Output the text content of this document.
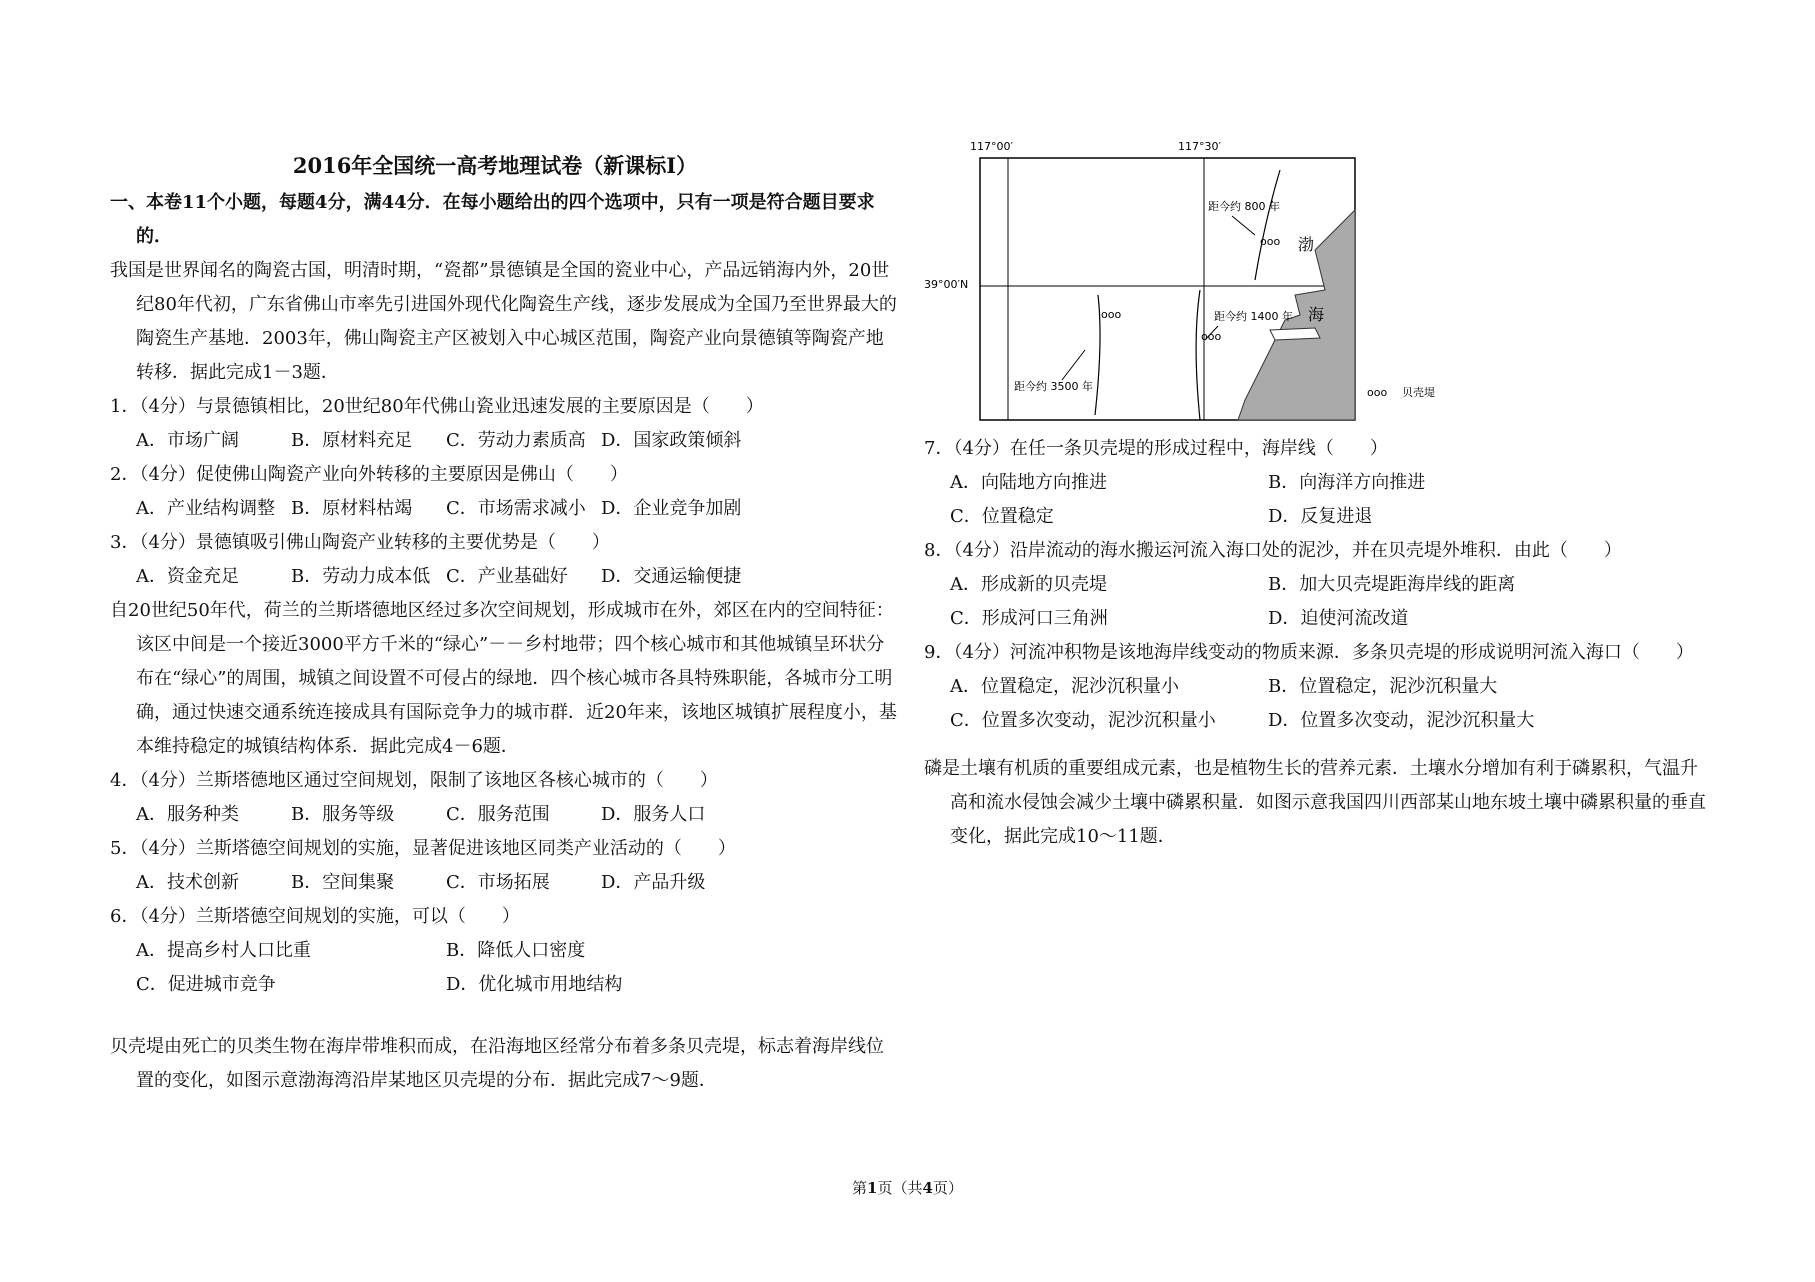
2016年全国统一高考地理试卷（新课标Ⅰ）
一、本卷11个小题，每题4分，满44分．在每小题给出的四个选项中，只有一项是符合题目要求
的．

我国是世界闻名的陶瓷古国，明清时期，“瓷都”景德镇是全国的瓷业中心，产品远销海内外，20世纪80年代初，广东省佛山市率先引进国外现代化陶瓷生产线，逐步发展成为全国乃至世界最大的陶瓷生产基地．2003年，佛山陶瓷主产区被划入中心城区范围，陶瓷产业向景德镇等陶瓷产地转移．据此完成1－3题．

1．（4分）与景德镇相比，20世纪80年代佛山瓷业迅速发展的主要原因是（　　）

A．市场广阔	B．原材料充足	C．劳动力素质高 D．国家政策倾斜

2．（4分）促使佛山陶瓷产业向外转移的主要原因是佛山（　　）

A．产业结构调整 B．原材料枯竭	C．市场需求减小 D．企业竞争加剧

3．（4分）景德镇吸引佛山陶瓷产业转移的主要优势是（　　）

A．资金充足	B．劳动力成本低 C．产业基础好	D．交通运输便捷

自20世纪50年代，荷兰的兰斯塔德地区经过多次空间规划，形成城市在外，郊区在内的空间特征：该区中间是一个接近3000平方千米的“绿心”－－乡村地带；四个核心城市和其他城镇呈环状分布在“绿心”的周围，城镇之间设置不可侵占的绿地．四个核心城市各具特殊职能，各城市分工明确，通过快速交通系统连接成具有国际竞争力的城市群．近20年来，该地区城镇扩展程度小，基本维持稳定的城镇结构体系．据此完成4－6题．

4．（4分）兰斯塔德地区通过空间规划，限制了该地区各核心城市的（　　）

A．服务种类	B．服务等级	C．服务范围	D．服务人口

5．（4分）兰斯塔德空间规划的实施，显著促进该地区同类产业活动的（　　）

A．技术创新	B．空间集聚	C．市场拓展	D．产品升级

6．（4分）兰斯塔德空间规划的实施，可以（　　）

A．提高乡村人口比重	B．降低人口密度
C．促进城市竞争	D．优化城市用地结构

贝壳堤由死亡的贝类生物在海岸带堆积而成，在沿海地区经常分布着多条贝壳堤，标志着海岸线位置的变化，如图示意渤海湾沿岸某地区贝壳堤的分布．据此完成7～9题．

117°00′	117°30′
39°00′N
ooo
ooo
ooo
距今约 800 年
距今约 1400 年
距今约 3500 年
渤
海
ooo 贝壳堤

7．（4分）在任一条贝壳堤的形成过程中，海岸线（　　）

A．向陆地方向推进	B．向海洋方向推进
C．位置稳定	D．反复进退

8．（4分）沿岸流动的海水搬运河流入海口处的泥沙，并在贝壳堤外堆积．由此（　　）

A．形成新的贝壳堤	B．加大贝壳堤距海岸线的距离
C．形成河口三角洲	D．迫使河流改道

9．（4分）河流冲积物是该地海岸线变动的物质来源．多条贝壳堤的形成说明河流入海口（　　）

A．位置稳定，泥沙沉积量小	B．位置稳定，泥沙沉积量大
C．位置多次变动，泥沙沉积量小	D．位置多次变动，泥沙沉积量大

磷是土壤有机质的重要组成元素，也是植物生长的营养元素．土壤水分增加有利于磷累积，气温升高和流水侵蚀会减少土壤中磷累积量．如图示意我国四川西部某山地东坡土壤中磷累积量的垂直变化，据此完成10～11题．

第1页（共4页）
